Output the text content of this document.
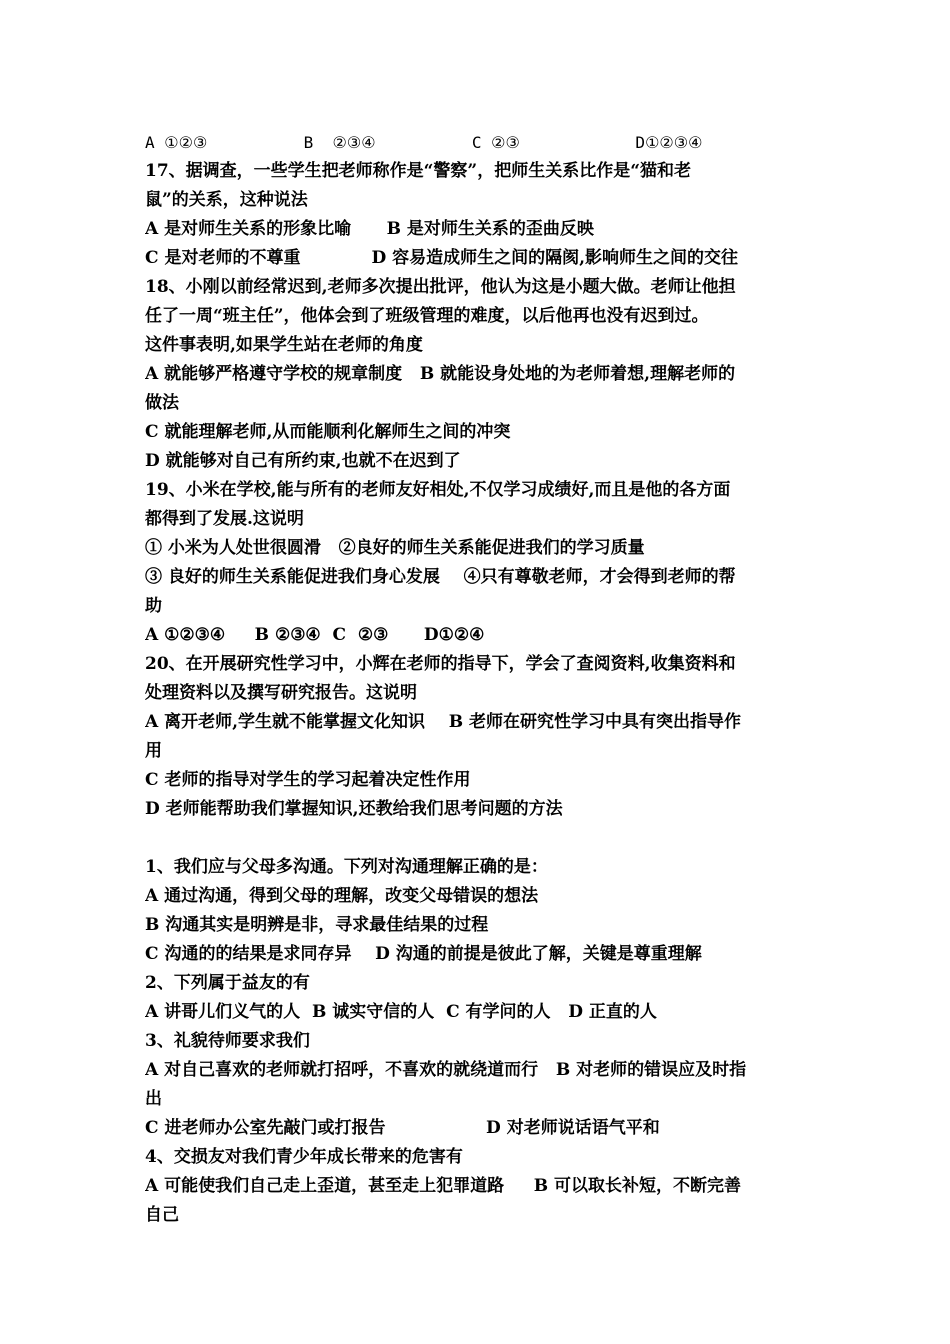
A ①②③          B  ②③④          C ②③            D①②③④
17、据调查，一些学生把老师称作是“警察”，把师生关系比作是“猫和老
鼠”的关系，这种说法
A 是对师生关系的形象比喻      B 是对师生关系的歪曲反映
C 是对老师的不尊重            D 容易造成师生之间的隔阂,影响师生之间的交往
18、小刚以前经常迟到,老师多次提出批评，他认为这是小题大做。老师让他担
任了一周“班主任”，他体会到了班级管理的难度，以后他再也没有迟到过。
这件事表明,如果学生站在老师的角度
A 就能够严格遵守学校的规章制度   B 就能设身处地的为老师着想,理解老师的
做法
C 就能理解老师,从而能顺利化解师生之间的冲突
D 就能够对自己有所约束,也就不在迟到了
19、小米在学校,能与所有的老师友好相处,不仅学习成绩好,而且是他的各方面
都得到了发展.这说明
① 小米为人处世很圆滑   ②良好的师生关系能促进我们的学习质量
③ 良好的师生关系能促进我们身心发展    ④只有尊敬老师，才会得到老师的帮
助
A ①②③④     B ②③④  C  ②③      D①②④
20、在开展研究性学习中，小辉在老师的指导下，学会了查阅资料,收集资料和
处理资料以及撰写研究报告。这说明
A 离开老师,学生就不能掌握文化知识    B 老师在研究性学习中具有突出指导作
用
C 老师的指导对学生的学习起着决定性作用
D 老师能帮助我们掌握知识,还教给我们思考问题的方法

1、我们应与父母多沟通。下列对沟通理解正确的是：
A 通过沟通，得到父母的理解，改变父母错误的想法
B 沟通其实是明辨是非，寻求最佳结果的过程
C 沟通的的结果是求同存异    D 沟通的前提是彼此了解，关键是尊重理解
2、下列属于益友的有
A 讲哥儿们义气的人  B 诚实守信的人  C 有学问的人   D 正直的人
3、礼貌待师要求我们
A 对自己喜欢的老师就打招呼，不喜欢的就绕道而行   B 对老师的错误应及时指
出
C 进老师办公室先敲门或打报告                 D 对老师说话语气平和
4、交损友对我们青少年成长带来的危害有
A 可能使我们自己走上歪道，甚至走上犯罪道路     B 可以取长补短，不断完善
自己
